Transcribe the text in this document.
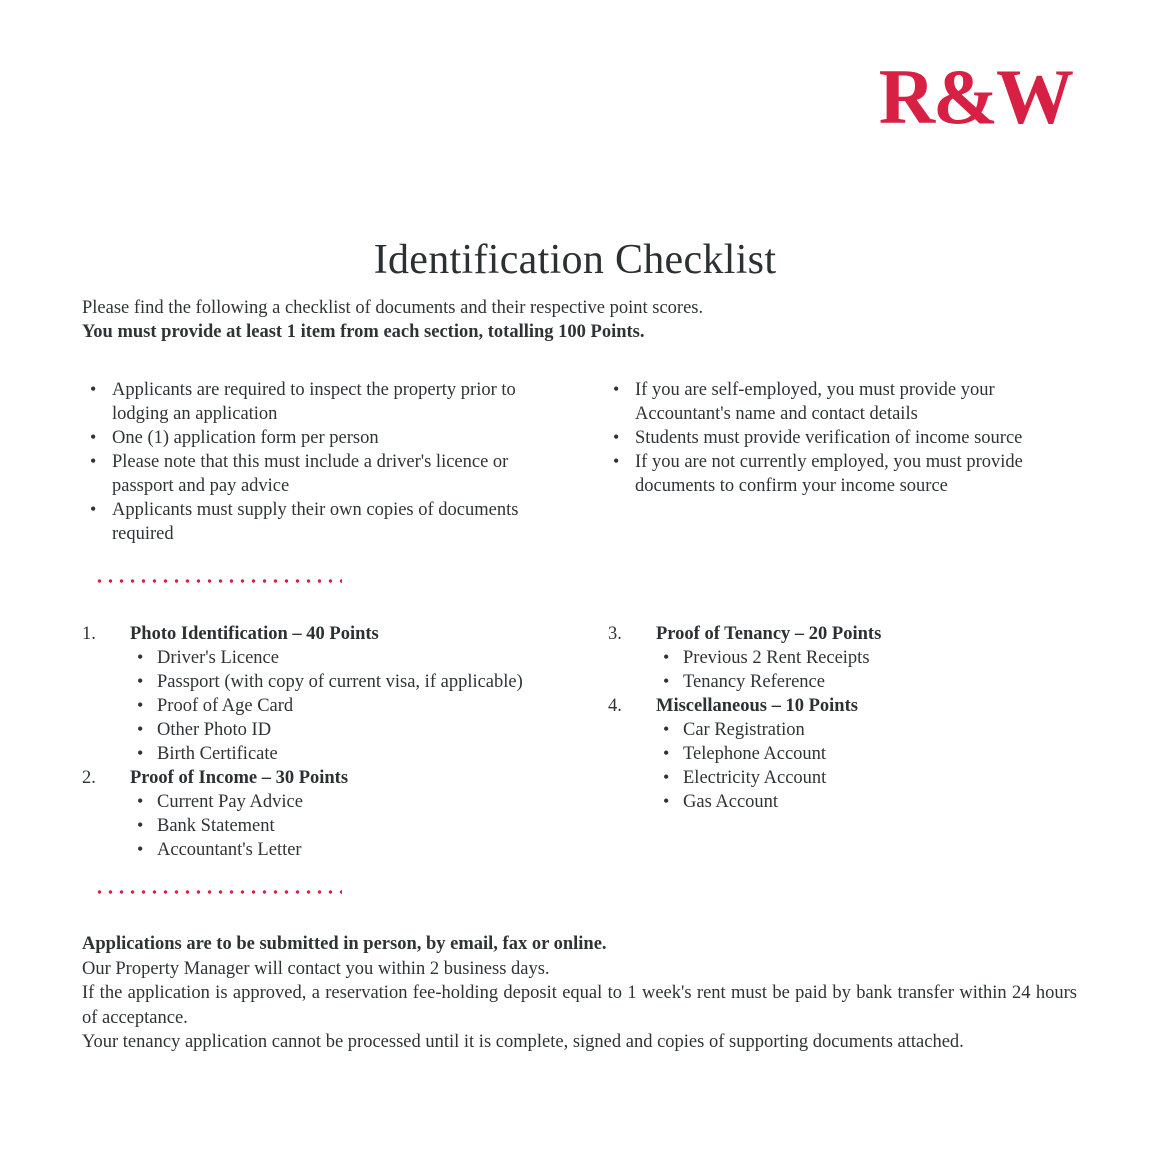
R&W
Identification Checklist
Please find the following a checklist of documents and their respective point scores.
You must provide at least 1 item from each section, totalling 100 Points.
• Applicants are required to inspect the property prior to lodging an application
• One (1) application form per person
• Please note that this must include a driver's licence or passport and pay advice
• Applicants must supply their own copies of documents required
• If you are self-employed, you must provide your Accountant's name and contact details
• Students must provide verification of income source
• If you are not currently employed, you must provide documents to confirm your income source
1. Photo Identification – 40 Points
• Driver's Licence
• Passport (with copy of current visa, if applicable)
• Proof of Age Card
• Other Photo ID
• Birth Certificate
2. Proof of Income – 30 Points
• Current Pay Advice
• Bank Statement
• Accountant's Letter
3. Proof of Tenancy – 20 Points
• Previous 2 Rent Receipts
• Tenancy Reference
4. Miscellaneous – 10 Points
• Car Registration
• Telephone Account
• Electricity Account
• Gas Account

Applications are to be submitted in person, by email, fax or online.

Our Property Manager will contact you within 2 business days.

If the application is approved, a reservation fee-holding deposit equal to 1 week's rent must be paid by bank transfer within 24 hours of acceptance.

Your tenancy application cannot be processed until it is complete, signed and copies of supporting documents attached.
